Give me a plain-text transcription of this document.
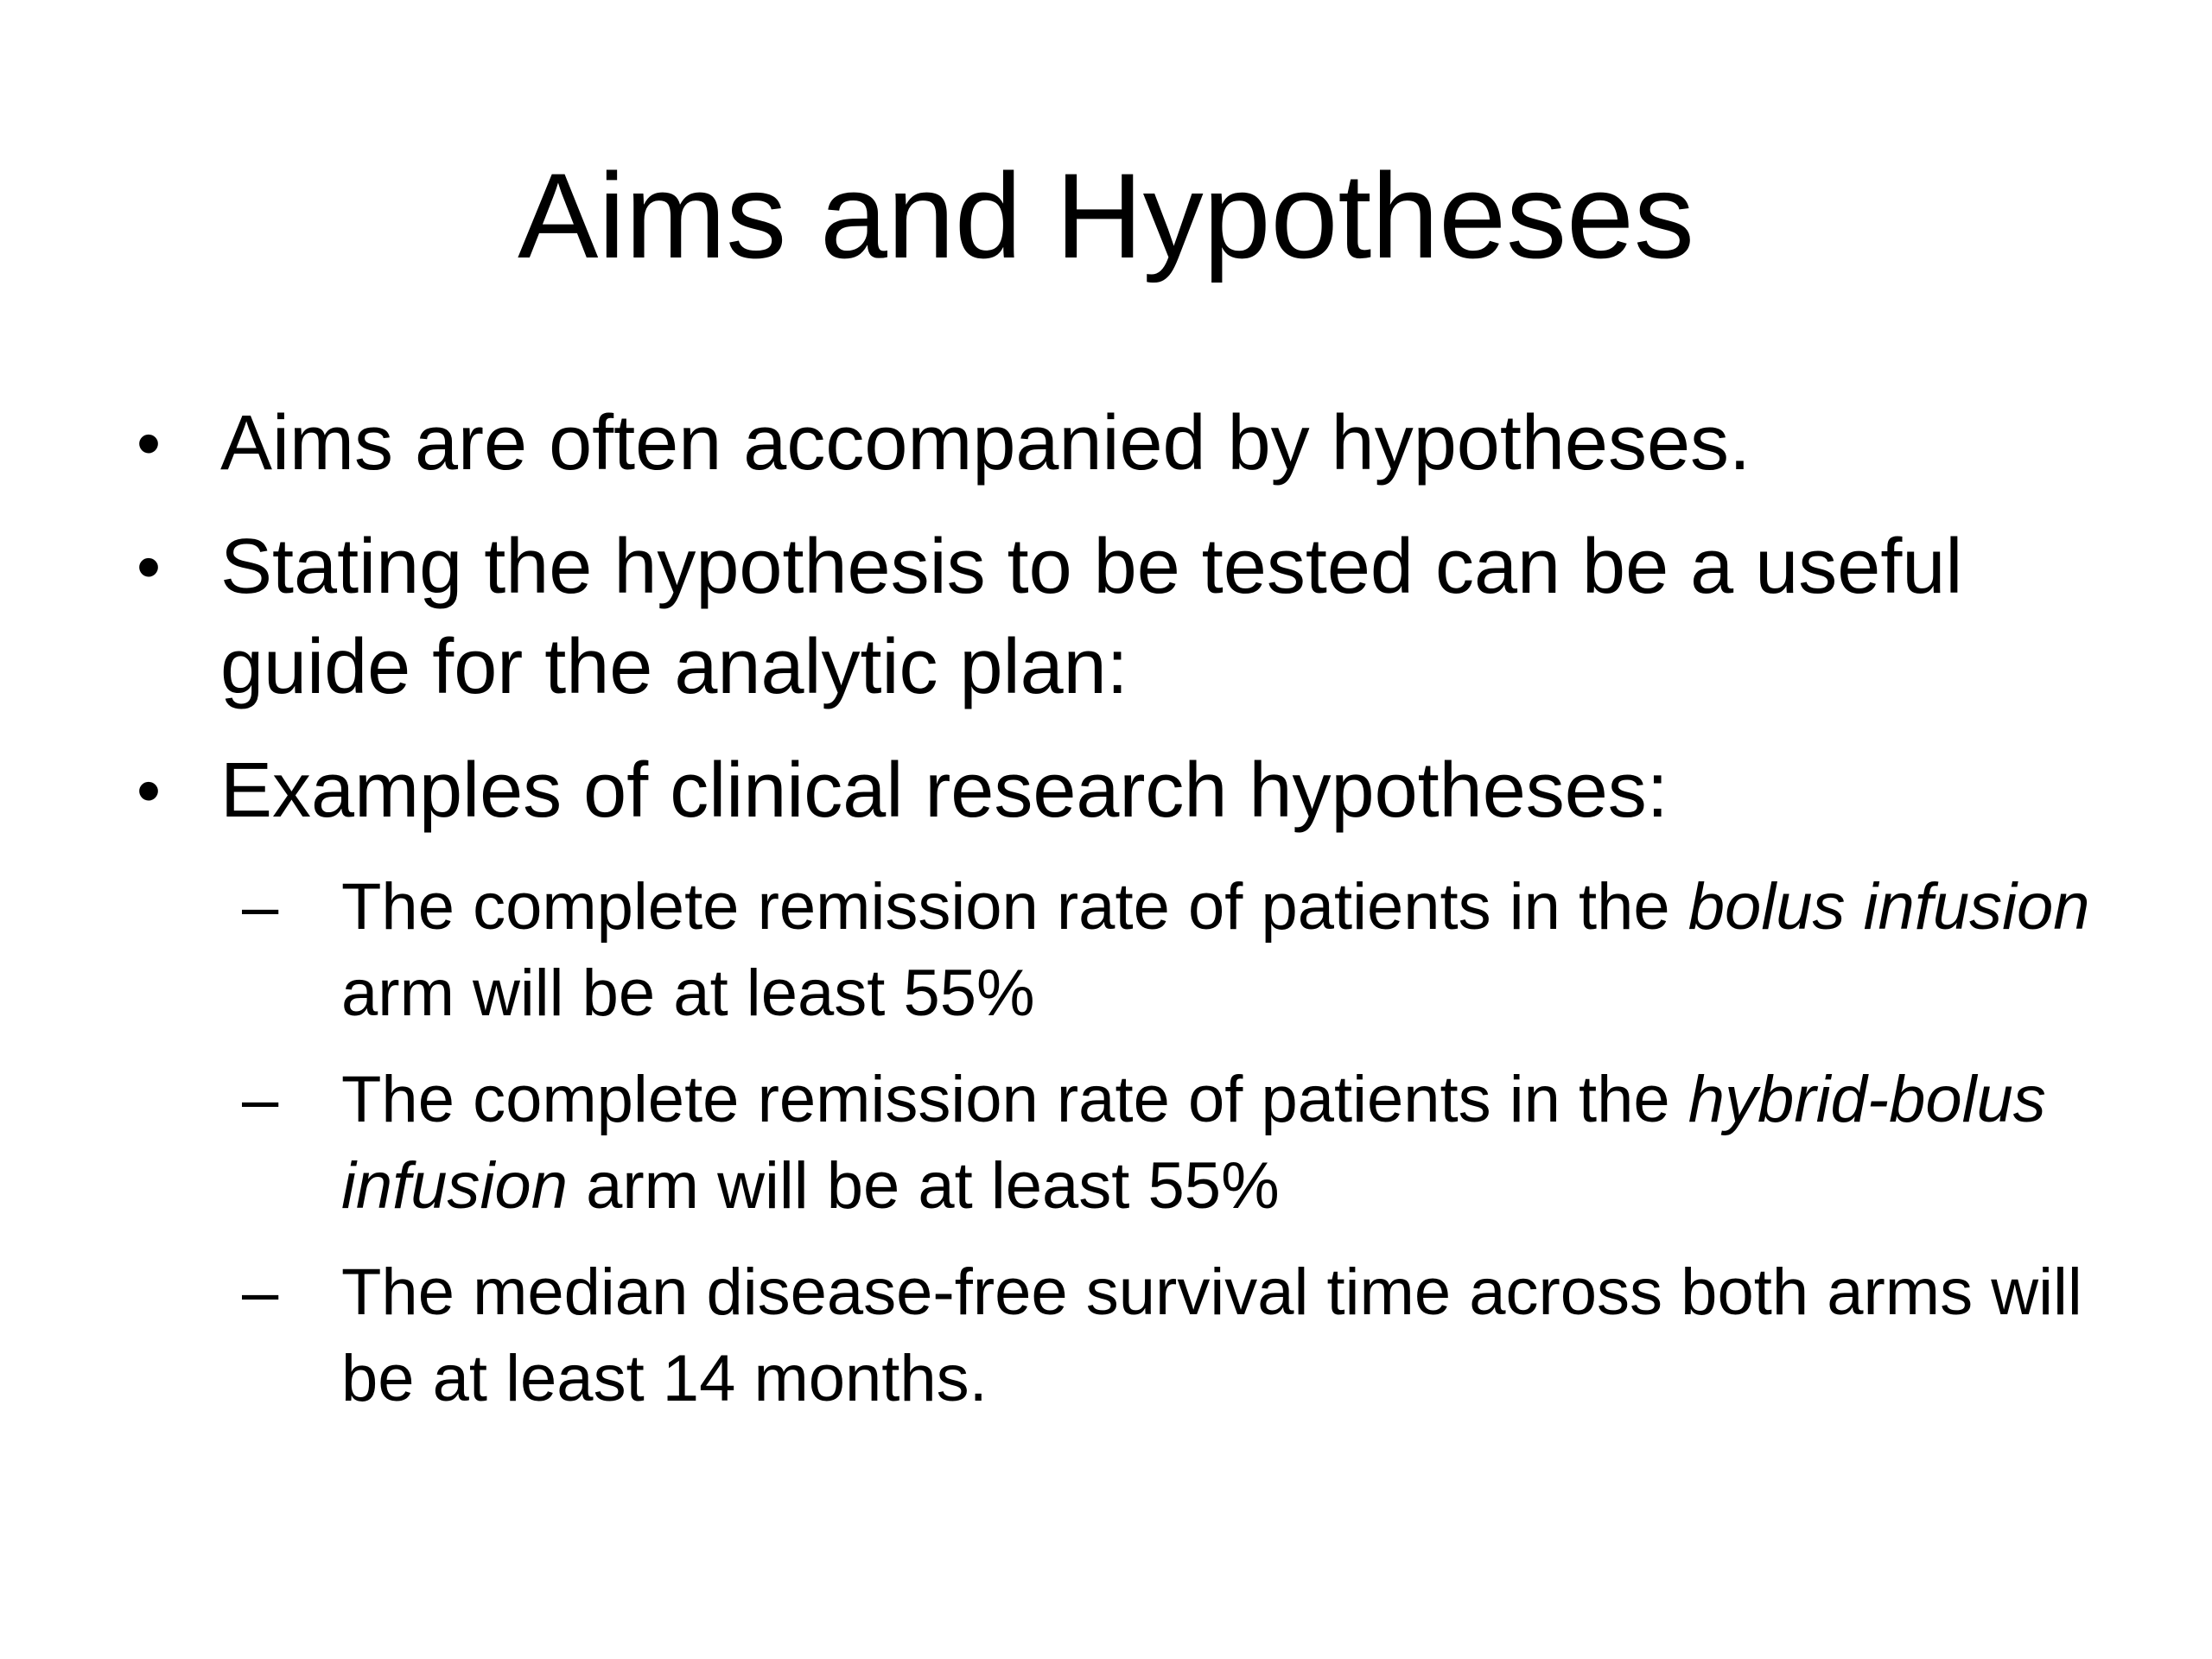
Aims and Hypotheses
• Aims are often accompanied by hypotheses.
• Stating the hypothesis to be tested can be a useful guide for the analytic plan:
• Examples of clinical research hypotheses:
– The complete remission rate of patients in the bolus infusion arm will be at least 55%
– The complete remission rate of patients in the hybrid-bolus infusion arm will be at least 55%
– The median disease-free survival time across both arms will be at least 14 months.
